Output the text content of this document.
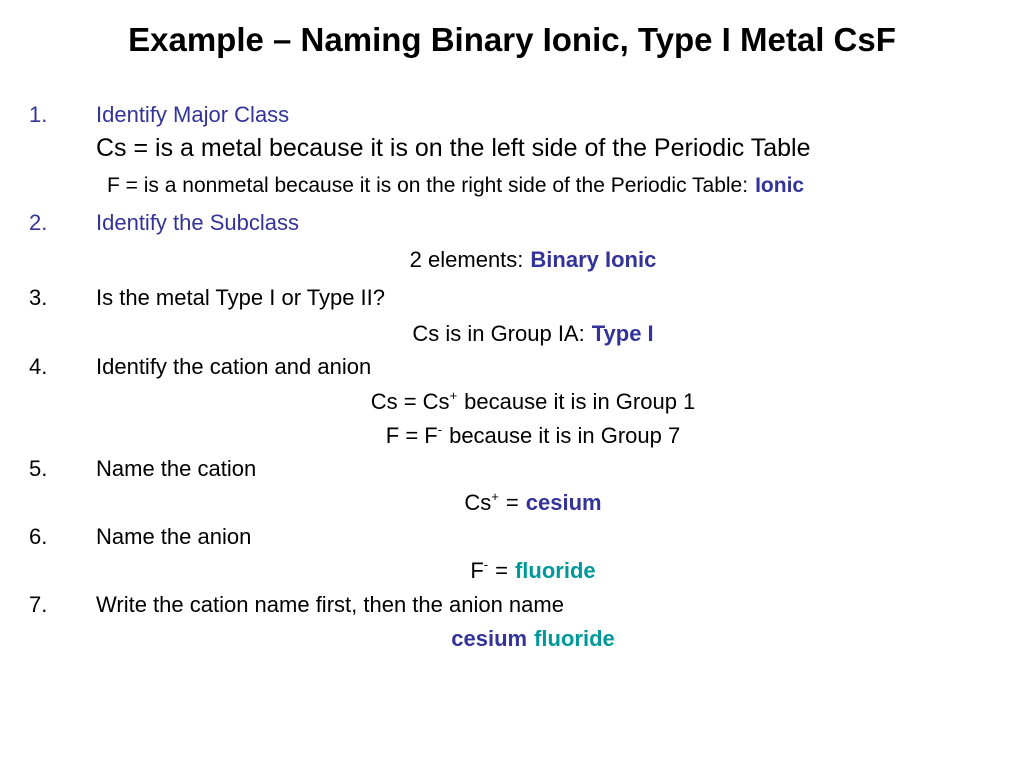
Example – Naming Binary Ionic, Type I Metal CsF
1. Identify Major Class
Cs = is a metal because it is on the left side of the Periodic Table
F = is a nonmetal because it is on the right side of the Periodic Table: Ionic
2. Identify the Subclass
2 elements: Binary Ionic
3. Is the metal Type I or Type II?
Cs is in Group IA: Type I
4. Identify the cation and anion
Cs = Cs+ because it is in Group 1
F = F- because it is in Group 7
5. Name the cation
Cs+ = cesium
6. Name the anion
F- = fluoride
7. Write the cation name first, then the anion name
cesium fluoride
